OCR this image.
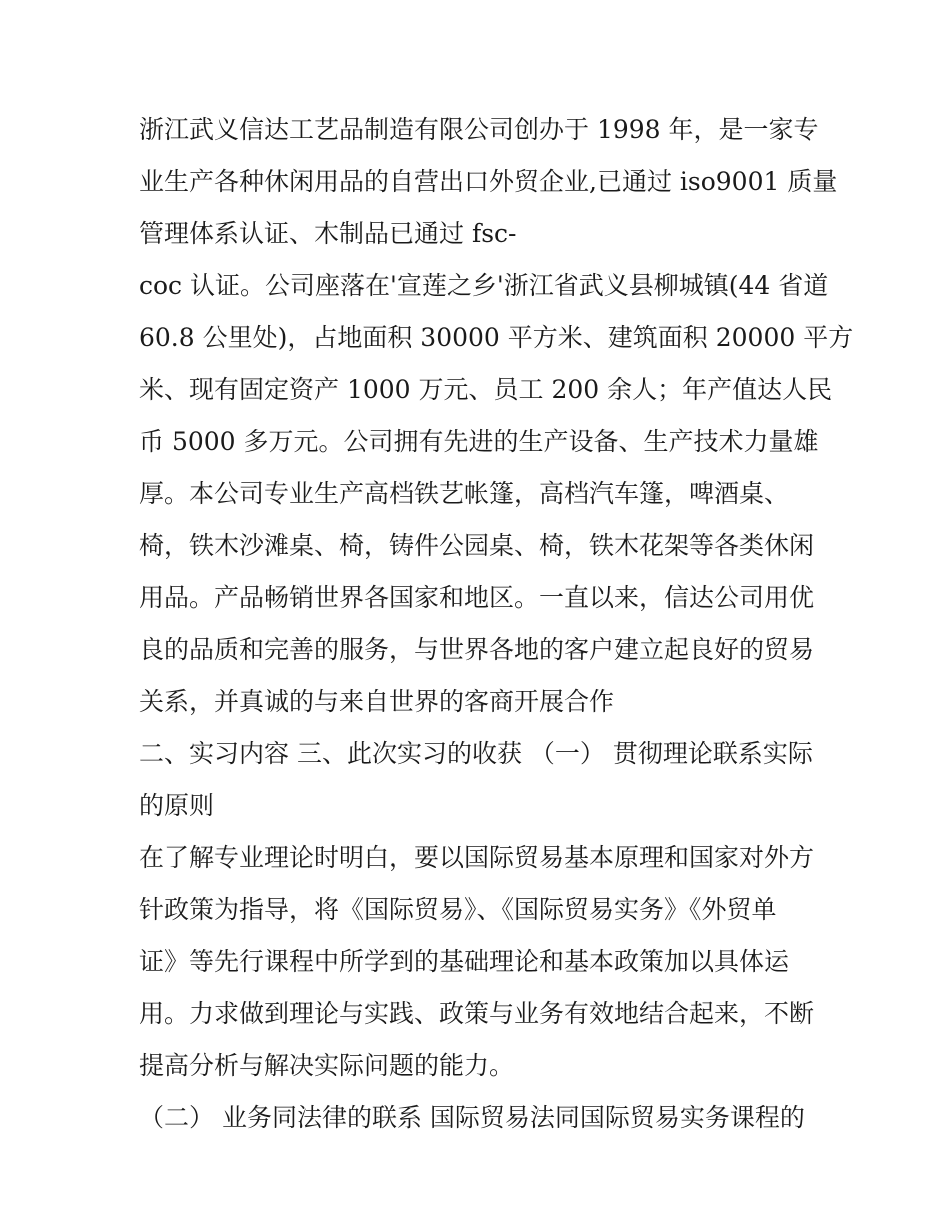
浙江武义信达工艺品制造有限公司创办于 1998 年，是一家专
业生产各种休闲用品的自营出口外贸企业,已通过 iso9001 质量
管理体系认证、木制品已通过 fsc-
coc 认证。公司座落在'宣莲之乡'浙江省武义县柳城镇(44 省道
60.8 公里处)，占地面积 30000 平方米、建筑面积 20000 平方
米、现有固定资产 1000 万元、员工 200 余人；年产值达人民
币 5000 多万元。公司拥有先进的生产设备、生产技术力量雄
厚。本公司专业生产高档铁艺帐篷，高档汽车篷，啤酒桌、
椅，铁木沙滩桌、椅，铸件公园桌、椅，铁木花架等各类休闲
用品。产品畅销世界各国家和地区。一直以来，信达公司用优
良的品质和完善的服务，与世界各地的客户建立起良好的贸易
关系，并真诚的与来自世界的客商开展合作
二、实习内容 三、此次实习的收获 （一） 贯彻理论联系实际
的原则
在了解专业理论时明白，要以国际贸易基本原理和国家对外方
针政策为指导，将《国际贸易》、《国际贸易实务》《外贸单
证》等先行课程中所学到的基础理论和基本政策加以具体运
用。力求做到理论与实践、政策与业务有效地结合起来，不断
提高分析与解决实际问题的能力。
（二） 业务同法律的联系 国际贸易法同国际贸易实务课程的
